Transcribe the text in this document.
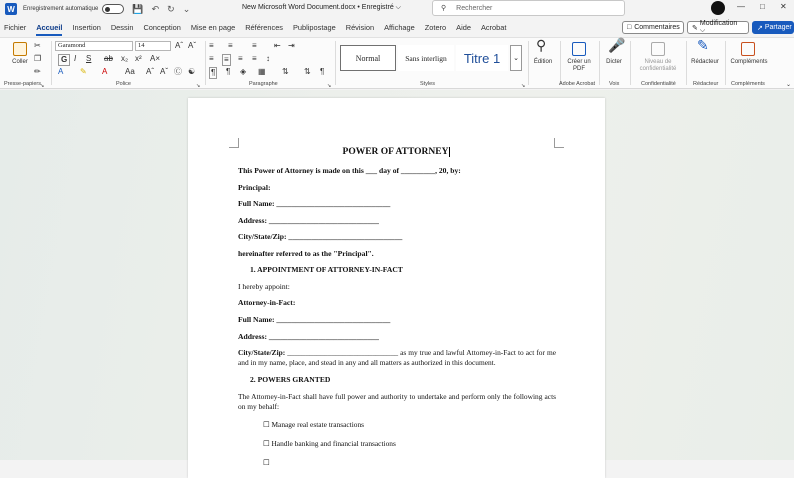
W	Enregistrement automatique	💾 ↶ ↻ ⌄	New Microsoft Word Document.docx • Enregistré ⌵	⚲ Rechercher	— □ ✕
Fichier Accueil Insertion Dessin Conception Mise en page Références Publipostage Révision Affichage Zotero Aide Acrobat	□ Commentaires ✎
Modification ⌵	↗ Partager
Coller
✂
❐
✏
Presse-papiers ↘
Garamond	14	Aˆ Aˇ
G I S ab x₂ x² A×
A ✎ A Aa Aˆ Aˇ Ⓒ ☯
Police	↘
≡ ≡ ≡ ⇤ ⇥
≡ ≡ ≡ ≡ ↕
¶ ¶ ◈ ▦ ⇅ ⇅ ¶
Paragraphe	↘
Normal	Sans interlign Titre 1 ⌄
Styles	↘
⚲
Édition	Créer un PDF
Adobe Acrobat
🎤
Dicter
Voix
Niveau de confidentialité
Confidentialité
✎
Rédacteur
Rédacteur
Compléments
Compléments	⌄
POWER OF ATTORNEY
This Power of Attorney is made on this ___ day of _________, 20, by:
Principal:
Full Name: ______________________________
Address: _____________________________
City/State/Zip: ______________________________
hereinafter referred to as the "Principal".
1. APPOINTMENT OF ATTORNEY-IN-FACT
I hereby appoint:
Attorney-in-Fact:
Full Name: ______________________________
Address: _____________________________
City/State/Zip: ______________________________ as my true and lawful Attorney-in-Fact to act for me and in my name, place, and stead in any and all matters as authorized in this document.
2. POWERS GRANTED
The Attorney-in-Fact shall have full power and authority to undertake and perform only the following acts on my behalf:
☐ Manage real estate transactions
☐ Handle banking and financial transactions
☐
